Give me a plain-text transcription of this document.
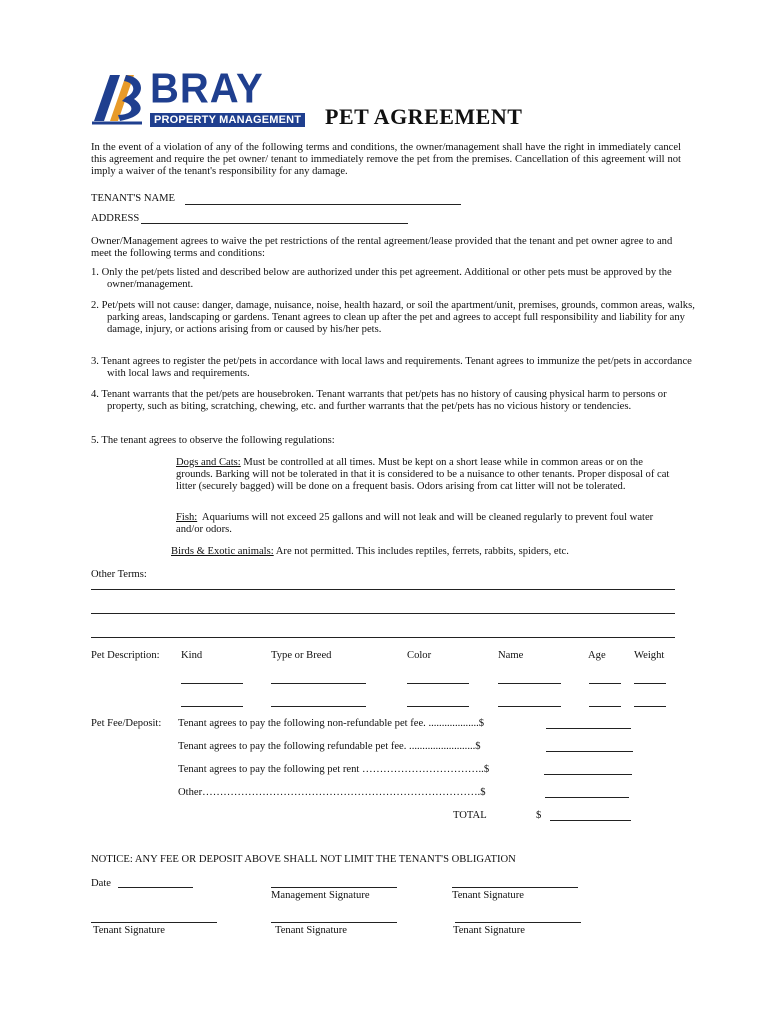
BRAY
PROPERTY MANAGEMENT PET AGREEMENT
In the event of a violation of any of the following terms and conditions, the owner/management shall have the right in immediately cancel this agreement and require the pet owner/ tenant to immediately remove the pet from the premises. Cancellation of this agreement will not imply a waiver of the tenant's responsibility for any damage.
TENANT'S NAME
ADDRESS
Owner/Management agrees to waive the pet restrictions of the rental agreement/lease provided that the tenant and pet owner agree to and meet the following terms and conditions:
1. Only the pet/pets listed and described below are authorized under this pet agreement. Additional or other pets must be approved by the owner/management.
2. Pet/pets will not cause: danger, damage, nuisance, noise, health hazard, or soil the apartment/unit, premises, grounds, common areas, walks, parking areas, landscaping or gardens. Tenant agrees to clean up after the pet and agrees to accept full responsibility and liability for any damage, injury, or actions arising from or caused by his/her pets.
3. Tenant agrees to register the pet/pets in accordance with local laws and requirements. Tenant agrees to immunize the pet/pets in accordance with local laws and requirements.
4. Tenant warrants that the pet/pets are housebroken. Tenant warrants that pet/pets has no history of causing physical harm to persons or property, such as biting, scratching, chewing, etc. and further warrants that the pet/pets has no vicious history or tendencies.
5. The tenant agrees to observe the following regulations:
Dogs and Cats: Must be controlled at all times. Must be kept on a short lease while in common areas or on the grounds. Barking will not be tolerated in that it is considered to be a nuisance to other tenants. Proper disposal of cat litter (securely bagged) will be done on a frequent basis. Odors arising from cat litter will not be tolerated.
Fish:  Aquariums will not exceed 25 gallons and will not leak and will be cleaned regularly to prevent foul water and/or odors.
Birds & Exotic animals: Are not permitted. This includes reptiles, ferrets, rabbits, spiders, etc.
Other Terms:
Pet Description: Kind	Type or Breed	Color	Name	Age	Weight
Pet Fee/Deposit: Tenant agrees to pay the following non-refundable pet fee. ...................$
Tenant agrees to pay the following refundable pet fee. .........................$
Tenant agrees to pay the following pet rent ……………………………..$
Other…………………………………………………………………….$
TOTAL	$
NOTICE: ANY FEE OR DEPOSIT ABOVE SHALL NOT LIMIT THE TENANT'S OBLIGATION
Date
Management Signature	Tenant Signature
Tenant Signature	Tenant Signature	Tenant Signature
